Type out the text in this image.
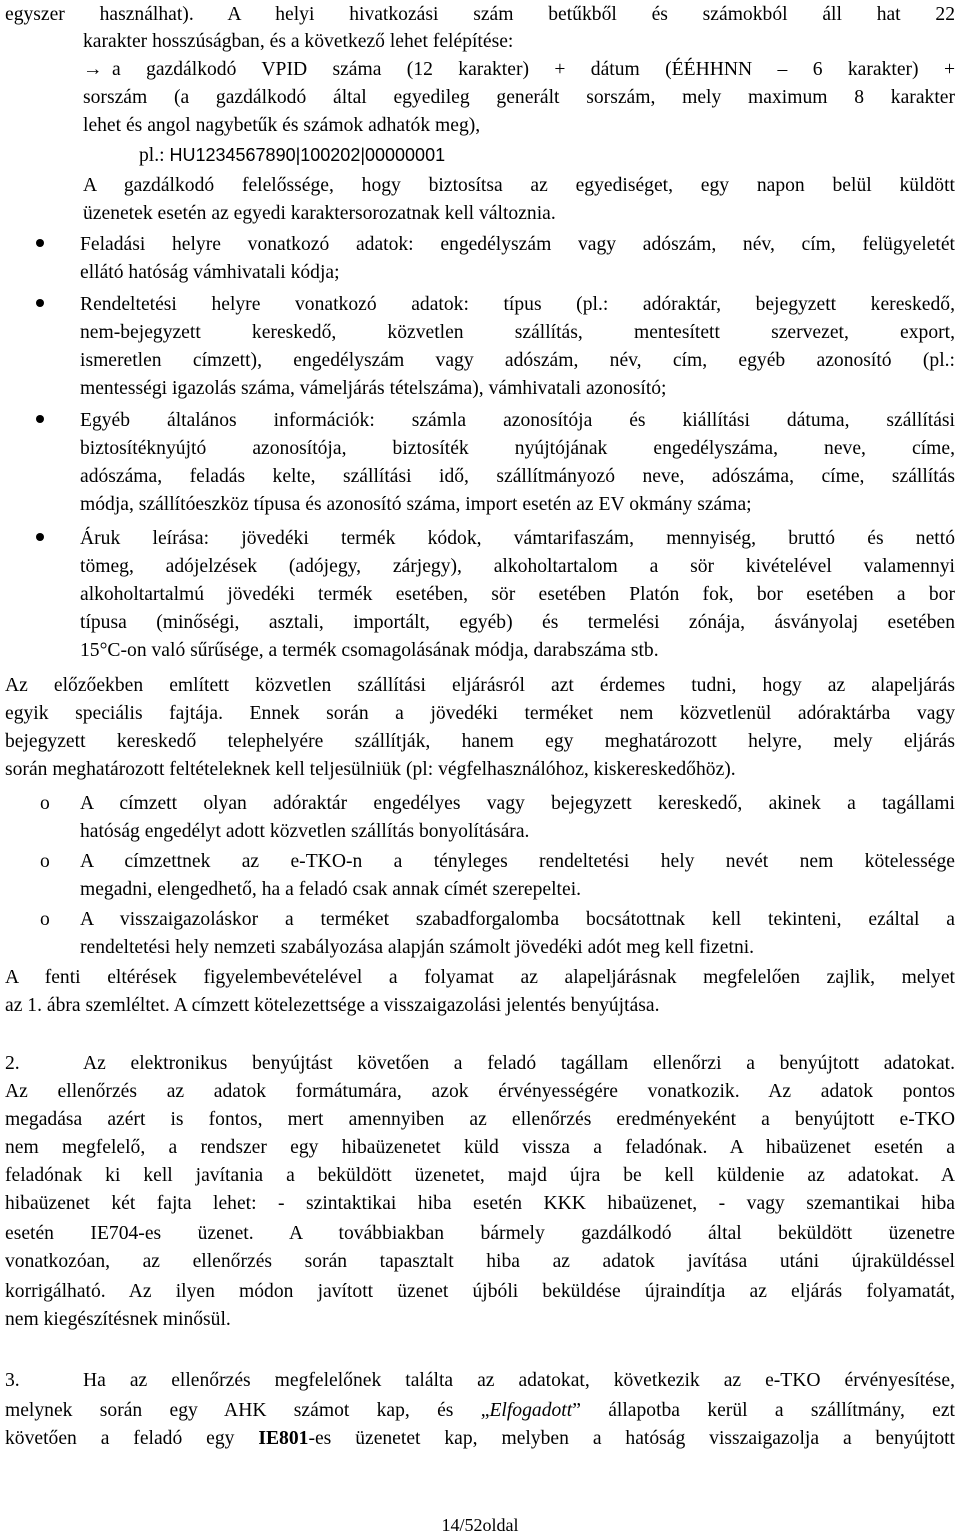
egyszer használhat). A helyi hivatkozási szám betűkből és számokból áll hat 22
karakter hosszúságban, és a következő lehet felépítése:
→ a gazdálkodó VPID száma (12 karakter) + dátum (ÉÉHHNN – 6 karakter) +
sorszám (a gazdálkodó által egyedileg generált sorszám, mely maximum 8 karakter
lehet és angol nagybetűk és számok adhatók meg),
pl.: HU1234567890|100202|00000001
A gazdálkodó felelőssége, hogy biztosítsa az egyediséget, egy napon belül küldött
üzenetek esetén az egyedi karaktersorozatnak kell változnia.
Feladási helyre vonatkozó adatok: engedélyszám vagy adószám, név, cím, felügyeletét
ellátó hatóság vámhivatali kódja;
Rendeltetési helyre vonatkozó adatok: típus (pl.: adóraktár, bejegyzett kereskedő,
nem-bejegyzett kereskedő, közvetlen szállítás, mentesített szervezet, export,
ismeretlen címzett), engedélyszám vagy adószám, név, cím, egyéb azonosító (pl.:
mentességi igazolás száma, vámeljárás tételszáma), vámhivatali azonosító;
Egyéb általános információk: számla azonosítója és kiállítási dátuma, szállítási
biztosítéknyújtó azonosítója, biztosíték nyújtójának engedélyszáma, neve, címe,
adószáma, feladás kelte, szállítási idő, szállítmányozó neve, adószáma, címe, szállítás
módja, szállítóeszköz típusa és azonosító száma, import esetén az EV okmány száma;
Áruk leírása: jövedéki termék kódok, vámtarifaszám, mennyiség, bruttó és nettó
tömeg, adójelzések (adójegy, zárjegy), alkoholtartalom a sör kivételével valamennyi
alkoholtartalmú jövedéki termék esetében, sör esetében Platón fok, bor esetében a bor
típusa (minőségi, asztali, importált, egyéb) és termelési zónája, ásványolaj esetében
15°C-on való sűrűsége, a termék csomagolásának módja, darabszáma stb.
Az előzőekben említett közvetlen szállítási eljárásról azt érdemes tudni, hogy az alapeljárás
egyik speciális fajtája. Ennek során a jövedéki terméket nem közvetlenül adóraktárba vagy
bejegyzett kereskedő telephelyére szállítják, hanem egy meghatározott helyre, mely eljárás
során meghatározott feltételeknek kell teljesülniük (pl: végfelhasználóhoz, kiskereskedőhöz).
o	A címzett olyan adóraktár engedélyes vagy bejegyzett kereskedő, akinek a tagállami
hatóság engedélyt adott közvetlen szállítás bonyolítására.
o	A címzettnek az e-TKO-n a tényleges rendeltetési hely nevét nem kötelessége
megadni, elengedhető, ha a feladó csak annak címét szerepeltei.
o	A visszaigazoláskor a terméket szabadforgalomba bocsátottnak kell tekinteni, ezáltal a
rendeltetési hely nemzeti szabályozása alapján számolt jövedéki adót meg kell fizetni.
A fenti eltérések figyelembevételével a folyamat az alapeljárásnak megfelelően zajlik, melyet
az 1. ábra szemléltet. A címzett kötelezettsége a visszaigazolási jelentés benyújtása.
2.	Az elektronikus benyújtást követően a feladó tagállam ellenőrzi a benyújtott adatokat.
Az ellenőrzés az adatok formátumára, azok érvényességére vonatkozik. Az adatok pontos
megadása azért is fontos, mert amennyiben az ellenőrzés eredményeként a benyújtott e-TKO
nem megfelelő, a rendszer egy hibaüzenetet küld vissza a feladónak. A hibaüzenet esetén a
feladónak ki kell javítania a beküldött üzenetet, majd újra be kell küldenie az adatokat. A
hibaüzenet két fajta lehet: - szintaktikai hiba esetén KKK hibaüzenet, - vagy szemantikai hiba
esetén IE704-es üzenet. A továbbiakban bármely gazdálkodó által beküldött üzenetre
vonatkozóan, az ellenőrzés során tapasztalt hiba az adatok javítása utáni újraküldéssel
korrigálható. Az ilyen módon javított üzenet újbóli beküldése újraindítja az eljárás folyamatát,
nem kiegészítésnek minősül.
3.	Ha az ellenőrzés megfelelőnek találta az adatokat, következik az e-TKO érvényesítése,
melynek során egy AHK számot kap, és „Elfogadott” állapotba kerül a szállítmány, ezt
követően a feladó egy IE801-es üzenetet kap, melyben a hatóság visszaigazolja a benyújtott
14/52oldal
